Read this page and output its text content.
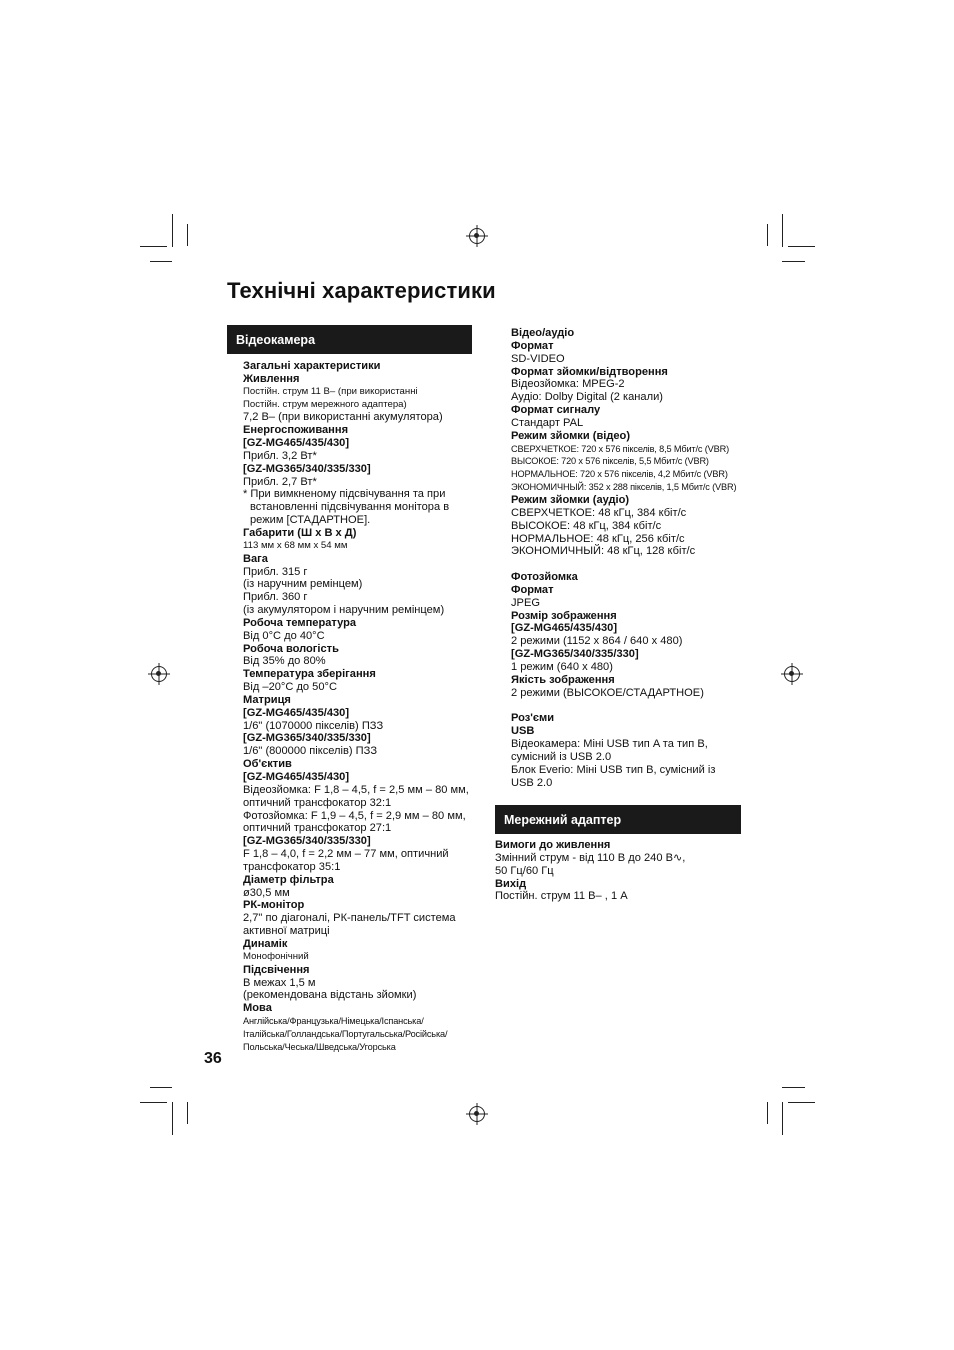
Технічні характеристики
Відеокамера
Загальні характеристики
Живлення
Постійн. струм 11 В– (при використанні
Постійн. струм мережного адаптера)
7,2 В– (при використанні акумулятора)
Енергоспоживання
[GZ-MG465/435/430]
Прибл. 3,2 Вт*
[GZ-MG365/340/335/330]
Прибл. 2,7 Вт*
* При вимкненому підсвічування та при
встановленні підсвічування монітора в
режим [СТАДАРТНОЕ].
Габарити (Ш x В x Д)
113 мм x 68 мм x 54 мм
Вага
Прибл. 315 г
(із наручним ремінцем)
Прибл. 360 г
(із акумулятором і наручним ремінцем)
Робоча температура
Від 0°C до 40°C
Робоча вологість
Від 35% до 80%
Температура зберігання
Від –20°C до 50°C
Матриця
[GZ-MG465/435/430]
1/6" (1070000 пікселів) ПЗЗ
[GZ-MG365/340/335/330]
1/6" (800000 пікселів) ПЗЗ
Об'єктив
[GZ-MG465/435/430]
Відеозйомка: F 1,8 – 4,5, f = 2,5 мм – 80 мм,
оптичний трансфокатор 32:1
Фотозйомка: F 1,9 – 4,5, f = 2,9 мм – 80 мм,
оптичний трансфокатор 27:1
[GZ-MG365/340/335/330]
F 1,8 – 4,0, f = 2,2 мм – 77 мм, оптичний
трансфокатор 35:1
Діаметр фільтра
ø30,5 мм
РК-монітор
2,7" по діагоналі, РК-панель/TFT система
активної матриці
Динамік
Монофонічний
Підсвічення
В межах 1,5 м
(рекомендована відстань зйомки)
Мова
Англійська/Французька/Німецька/Іспанська/
Італійська/Голландська/Португальська/Російська/
Польська/Чеська/Шведська/Угорська
Відео/аудіо
Формат
SD-VIDEO
Формат зйомки/відтворення
Відеозйомка: MPEG-2
Аудіо: Dolby Digital (2 канали)
Формат сигналу
Стандарт PAL
Режим зйомки (відео)
СВЕРХЧЕТКОЕ: 720 x 576 пікселів, 8,5 Мбит/с (VBR)
ВЫСОКОЕ: 720 x 576 пікселів, 5,5 Мбит/с (VBR)
НОРМАЛЬНОЕ: 720 x 576 пікселів, 4,2 Мбит/с (VBR)
ЭКОНОМИЧНЫЙ: 352 x 288 пікселів, 1,5 Мбит/с (VBR)
Режим зйомки (аудіо)
СВЕРХЧЕТКОЕ: 48 кГц, 384 кбіт/с
ВЫСОКОЕ: 48 кГц, 384 кбіт/с
НОРМАЛЬНОЕ: 48 кГц, 256 кбіт/с
ЭКОНОМИЧНЫЙ: 48 кГц, 128 кбіт/с
Фотозйомка
Формат
JPEG
Розмір зображення
[GZ-MG465/435/430]
2 режими (1152 x 864 / 640 x 480)
[GZ-MG365/340/335/330]
1 режим (640 x 480)
Якість зображення
2 режими (ВЫСОКОЕ/СТАДАРТНОЕ)
Роз'єми
USB
Відеокамера: Міні USB тип A та тип B,
сумісний із USB 2.0
Блок Everio: Міні USB тип B, сумісний із
USB 2.0
Мережний адаптер
Вимоги до живлення
Змінний струм - від 110 В до 240 В∿,
50 Гц/60 Гц
Вихід
Постійн. струм 11 В– , 1 А
36
